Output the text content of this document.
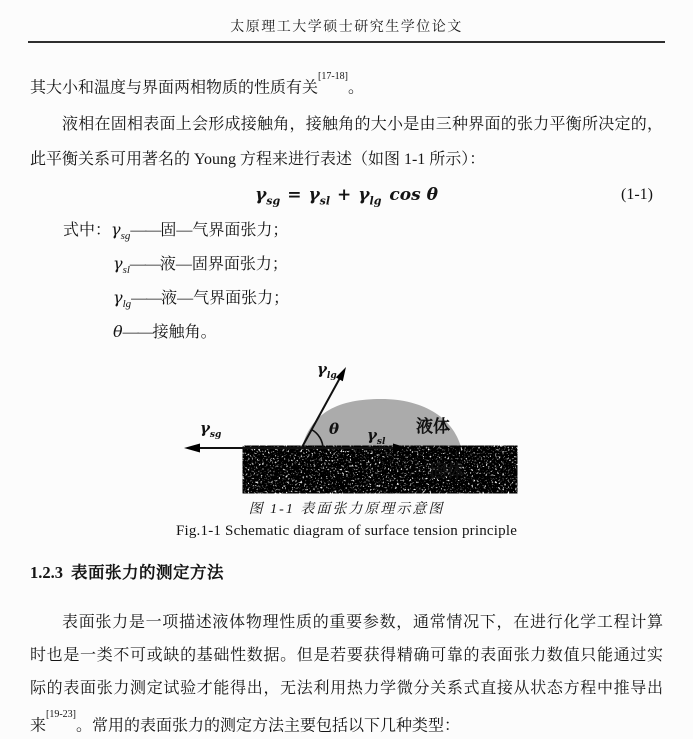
太原理工大学硕士研究生学位论文
其大小和温度与界面两相物质的性质有关[17-18]。
液相在固相表面上会形成接触角，接触角的大小是由三种界面的张力平衡所决定的，
此平衡关系可用著名的 Young 方程来进行表述（如图 1-1 所示）：
$\gamma_{sg} = \gamma_{sl} + \gamma_{lg}$ cos θ	(1-1)
式中：$\gamma_{sg}——$固—气界面张力；
$\gamma_{sl}——$液—固界面张力；
$\gamma_{lg}——$液—气界面张力；
θ——接触角。
$\gamma_{sg}$
$\gamma_{lg}$
$\gamma_{sl}$
θ	液体
固体
图 1-1 表面张力原理示意图
Fig.1-1 Schematic diagram of surface tension principle
1.2.3 表面张力的测定方法
表面张力是一项描述液体物理性质的重要参数，通常情况下，在进行化学工程计算
时也是一类不可或缺的基础性数据。但是若要获得精确可靠的表面张力数值只能通过实
际的表面张力测定试验才能得出，无法利用热力学微分关系式直接从状态方程中推导出
来[19-23]。常用的表面张力的测定方法主要包括以下几种类型：
